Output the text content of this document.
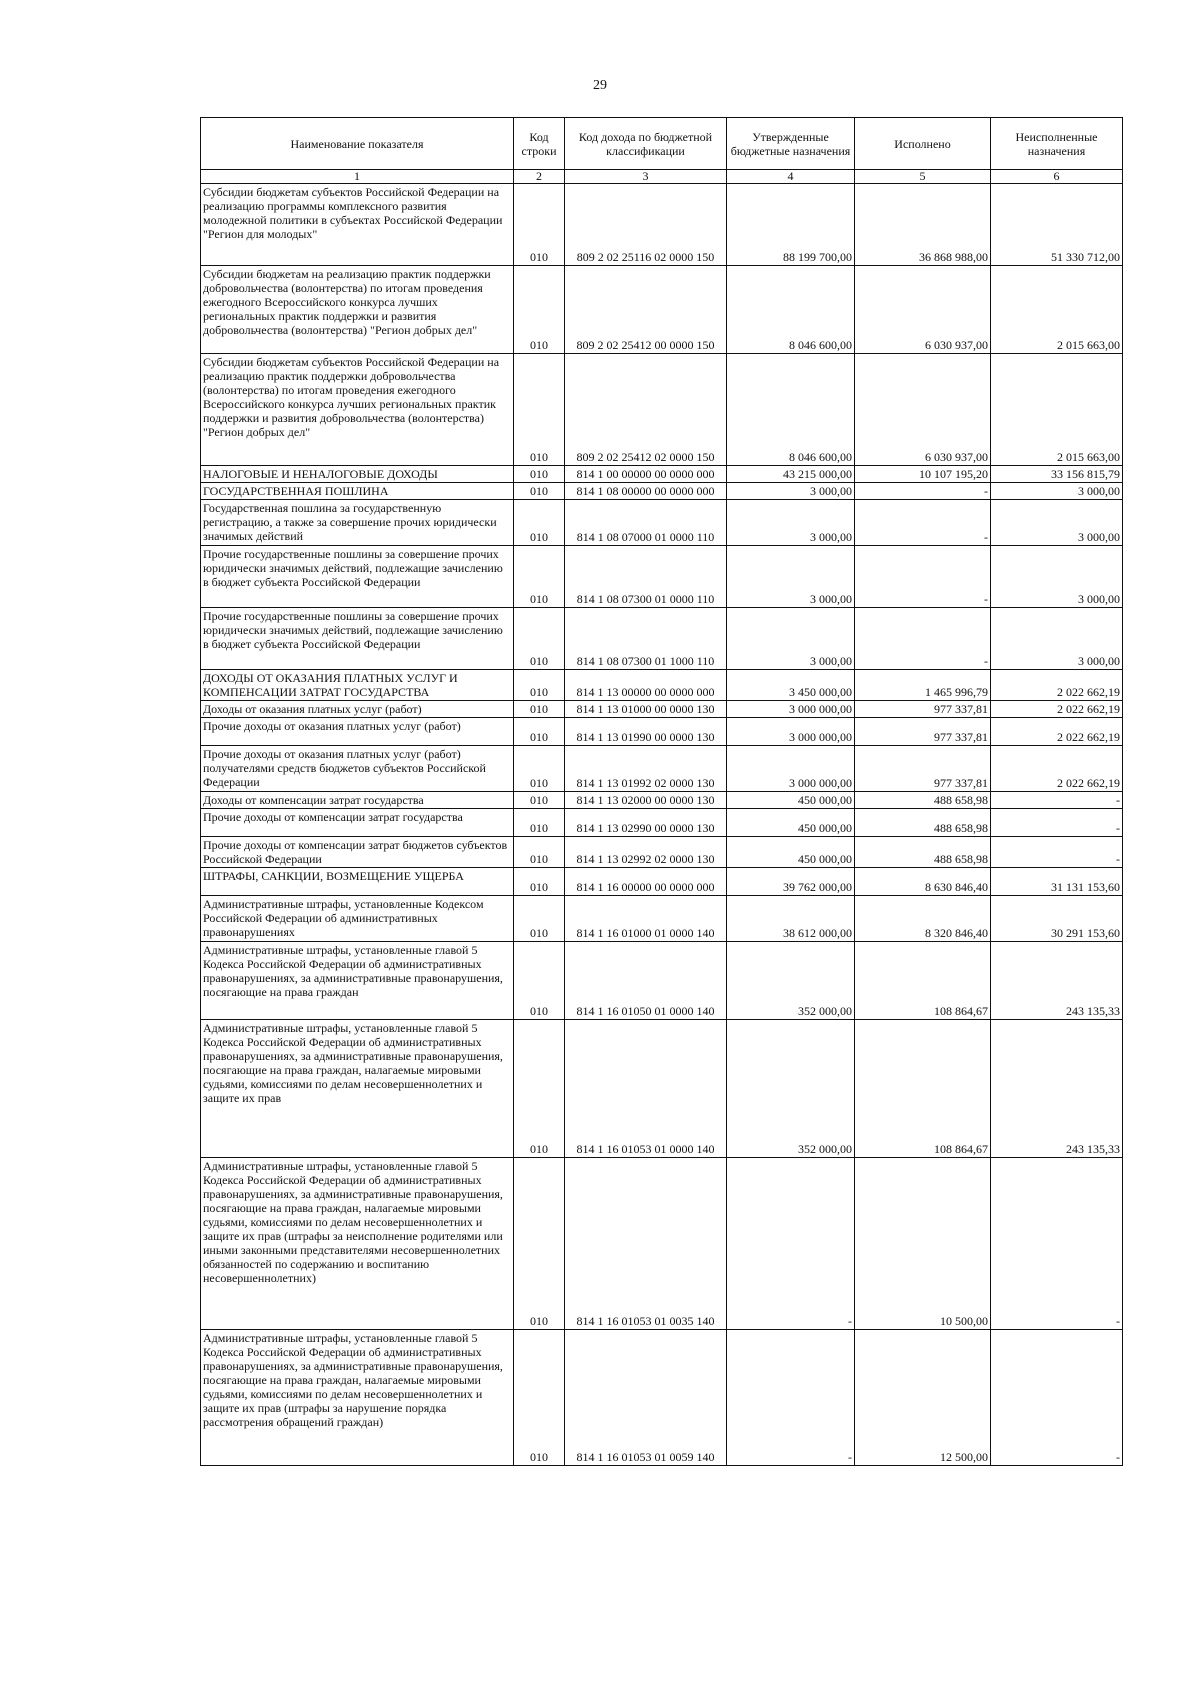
29
Наименование показателя	Код строки	Код дохода по бюджетной классификации	Утвержденные бюджетные назначения	Исполнено	Неисполненные назначения
1	2	3	4	5	6
Субсидии бюджетам субъектов Российской Федерации на реализацию программы комплексного развития молодежной политики в субъектах Российской Федерации "Регион для молодых"	010	809 2 02 25116 02 0000 150	88 199 700,00	36 868 988,00	51 330 712,00
Субсидии бюджетам на реализацию практик поддержки добровольчества (волонтерства) по итогам проведения ежегодного Всероссийского конкурса лучших региональных практик поддержки и развития добровольчества (волонтерства) "Регион добрых дел"	010	809 2 02 25412 00 0000 150	8 046 600,00	6 030 937,00	2 015 663,00
Субсидии бюджетам субъектов Российской Федерации на реализацию практик поддержки добровольчества (волонтерства) по итогам проведения ежегодного Всероссийского конкурса лучших региональных практик поддержки и развития добровольчества (волонтерства) "Регион добрых дел"	010	809 2 02 25412 02 0000 150	8 046 600,00	6 030 937,00	2 015 663,00
НАЛОГОВЫЕ И НЕНАЛОГОВЫЕ ДОХОДЫ	010	814 1 00 00000 00 0000 000	43 215 000,00	10 107 195,20	33 156 815,79
ГОСУДАРСТВЕННАЯ ПОШЛИНА	010	814 1 08 00000 00 0000 000	3 000,00	-	3 000,00
Государственная пошлина за государственную регистрацию, а также за совершение прочих юридически значимых действий	010	814 1 08 07000 01 0000 110	3 000,00	-	3 000,00
Прочие государственные пошлины за совершение прочих юридически значимых действий, подлежащие зачислению в бюджет субъекта Российской Федерации	010	814 1 08 07300 01 0000 110	3 000,00	-	3 000,00
Прочие государственные пошлины за совершение прочих юридически значимых действий, подлежащие зачислению в бюджет субъекта Российской Федерации	010	814 1 08 07300 01 1000 110	3 000,00	-	3 000,00
ДОХОДЫ ОТ ОКАЗАНИЯ ПЛАТНЫХ УСЛУГ И КОМПЕНСАЦИИ ЗАТРАТ ГОСУДАРСТВА	010	814 1 13 00000 00 0000 000	3 450 000,00	1 465 996,79	2 022 662,19
Доходы от оказания платных услуг (работ)	010	814 1 13 01000 00 0000 130	3 000 000,00	977 337,81	2 022 662,19
Прочие доходы от оказания платных услуг (работ)	010	814 1 13 01990 00 0000 130	3 000 000,00	977 337,81	2 022 662,19
Прочие доходы от оказания платных услуг (работ) получателями средств бюджетов субъектов Российской Федерации	010	814 1 13 01992 02 0000 130	3 000 000,00	977 337,81	2 022 662,19
Доходы от компенсации затрат государства	010	814 1 13 02000 00 0000 130	450 000,00	488 658,98	-
Прочие доходы от компенсации затрат государства	010	814 1 13 02990 00 0000 130	450 000,00	488 658,98	-
Прочие доходы от компенсации затрат бюджетов субъектов Российской Федерации	010	814 1 13 02992 02 0000 130	450 000,00	488 658,98	-
ШТРАФЫ, САНКЦИИ, ВОЗМЕЩЕНИЕ УЩЕРБА	010	814 1 16 00000 00 0000 000	39 762 000,00	8 630 846,40	31 131 153,60
Административные штрафы, установленные Кодексом Российской Федерации об административных правонарушениях	010	814 1 16 01000 01 0000 140	38 612 000,00	8 320 846,40	30 291 153,60
Административные штрафы, установленные главой 5 Кодекса Российской Федерации об административных правонарушениях, за административные правонарушения, посягающие на права граждан	010	814 1 16 01050 01 0000 140	352 000,00	108 864,67	243 135,33
Административные штрафы, установленные главой 5 Кодекса Российской Федерации об административных правонарушениях, за административные правонарушения, посягающие на права граждан, налагаемые мировыми судьями, комиссиями по делам несовершеннолетних и защите их прав	010	814 1 16 01053 01 0000 140	352 000,00	108 864,67	243 135,33
Административные штрафы, установленные главой 5 Кодекса Российской Федерации об административных правонарушениях, за административные правонарушения, посягающие на права граждан, налагаемые мировыми судьями, комиссиями по делам несовершеннолетних и защите их прав (штрафы за неисполнение родителями или иными законными представителями несовершеннолетних обязанностей по содержанию и воспитанию несовершеннолетних)	010	814 1 16 01053 01 0035 140	-	10 500,00	-
Административные штрафы, установленные главой 5 Кодекса Российской Федерации об административных правонарушениях, за административные правонарушения, посягающие на права граждан, налагаемые мировыми судьями, комиссиями по делам несовершеннолетних и защите их прав (штрафы за нарушение порядка рассмотрения обращений граждан)	010	814 1 16 01053 01 0059 140	-	12 500,00	-
